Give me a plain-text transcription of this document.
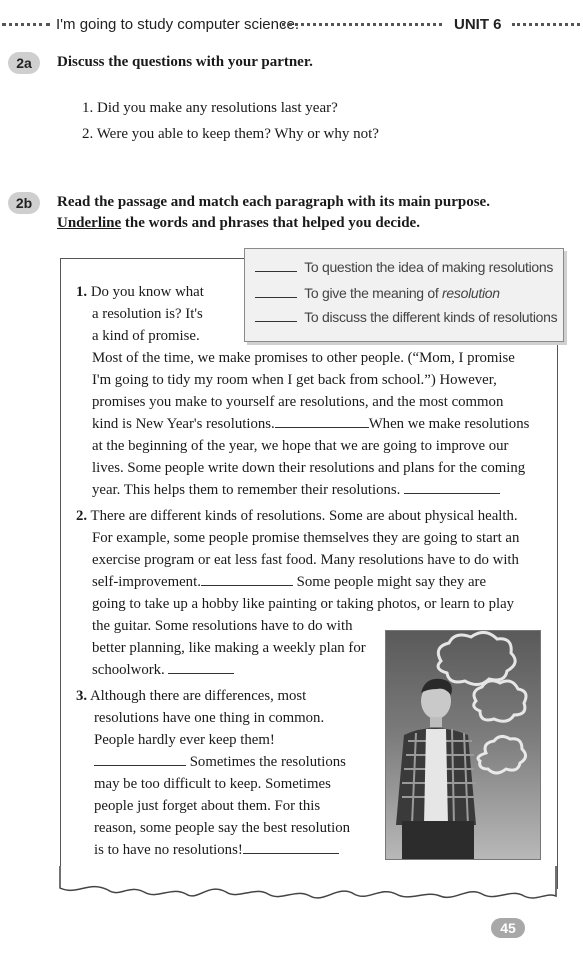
I'm going to study computer science.	UNIT 6
2a	Discuss the questions with your partner.
1. Did you make any resolutions last year?
2. Were you able to keep them? Why or why not?
2b	Read the passage and match each paragraph with its main purpose.
Underline the words and phrases that helped you decide.
To question the idea of making resolutions
To give the meaning of resolution
To discuss the different kinds of resolutions
1. Do you know what
a resolution is? It's
a kind of promise.
Most of the time, we make promises to other people. (“Mom, I promise
I'm going to tidy my room when I get back from school.”) However,
promises you make to yourself are resolutions, and the most common
kind is New Year's resolutions.	When we make resolutions
at the beginning of the year, we hope that we are going to improve our
lives. Some people write down their resolutions and plans for the coming
year. This helps them to remember their resolutions.
2. There are different kinds of resolutions. Some are about physical health.
For example, some people promise themselves they are going to start an
exercise program or eat less fast food. Many resolutions have to do with
self-improvement.	Some people might say they are
going to take up a hobby like painting or taking photos, or learn to play
the guitar. Some resolutions have to do with
better planning, like making a weekly plan for
schoolwork.
3. Although there are differences, most
resolutions have one thing in common.
People hardly ever keep them!
Sometimes the resolutions
may be too difficult to keep. Sometimes
people just forget about them. For this
reason, some people say the best resolution
is to have no resolutions!
45
